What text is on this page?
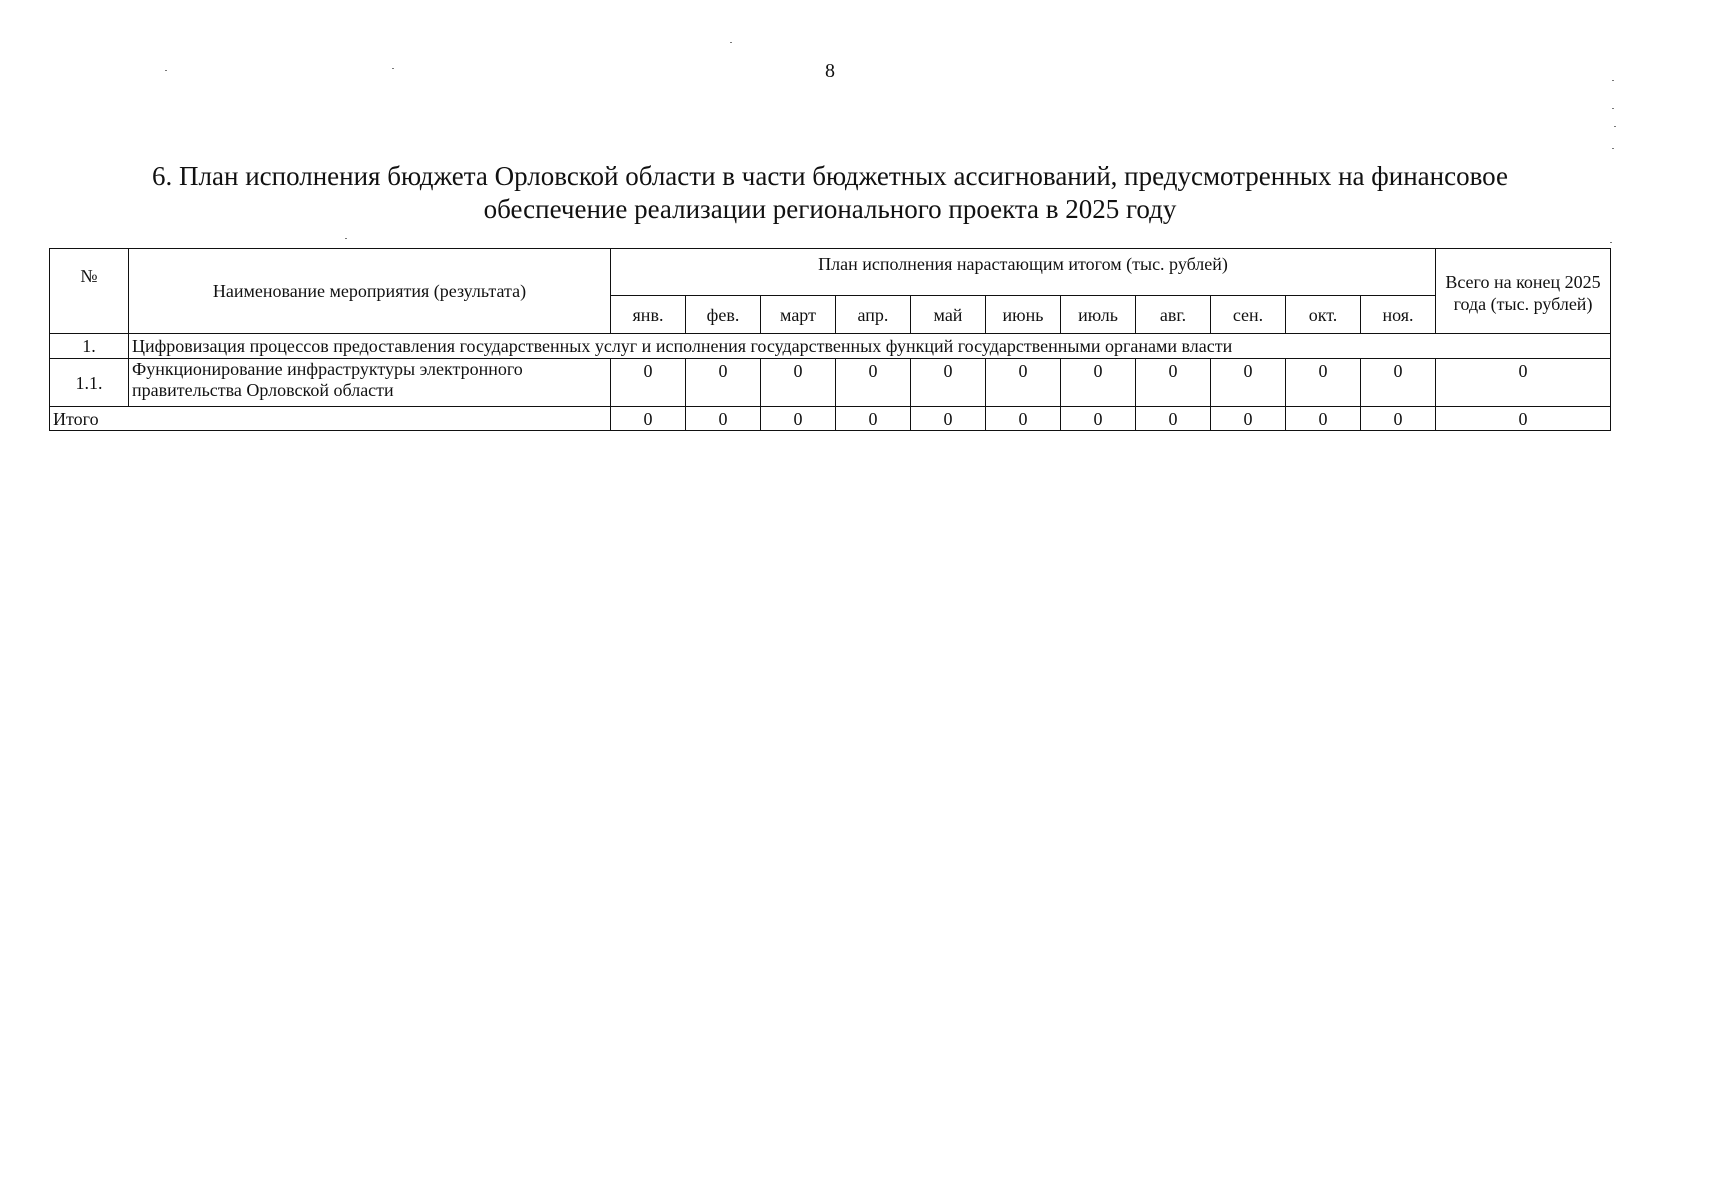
8
6. План исполнения бюджета Орловской области в части бюджетных ассигнований, предусмотренных на финансовое
обеспечение реализации регионального проекта в 2025 году
№	Наименование мероприятия (результата)	План исполнения нарастающим итогом (тыс. рублей)											Всего на конец 2025 года (тыс. рублей)
		янв.	фев.	март	апр.	май	июнь	июль	авг.	сен.	окт.	ноя.	
1.	Цифровизация процессов предоставления государственных услуг и исполнения государственных функций государственными органами власти												
1.1.	Функционирование инфраструктуры электронного правительства Орловской области	0	0	0	0	0	0	0	0	0	0	0	0
Итого		0	0	0	0	0	0	0	0	0	0	0	0
